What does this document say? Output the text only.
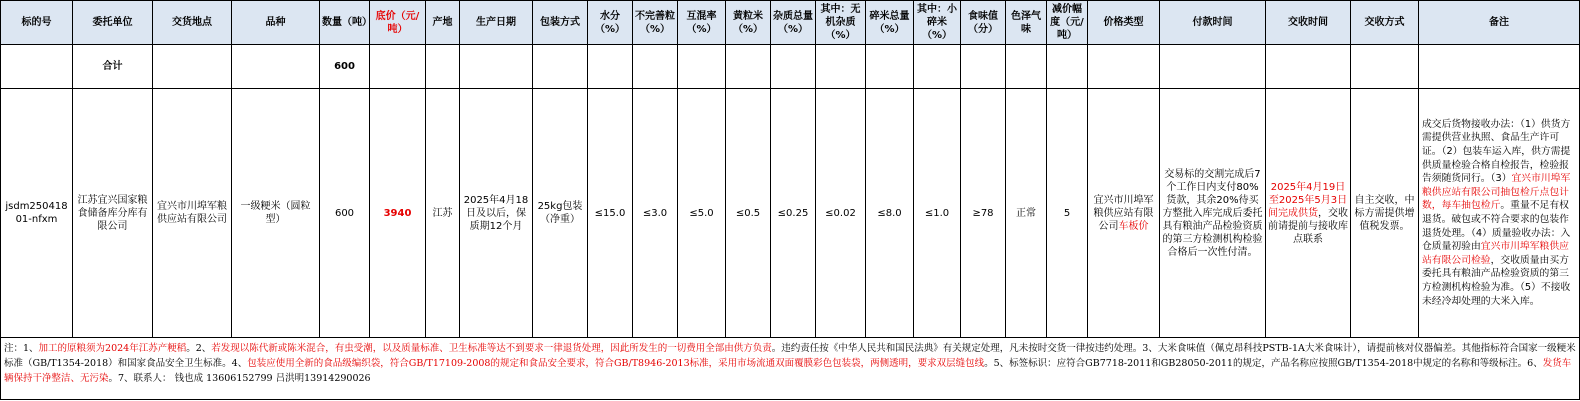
标的号	委托单位	交货地点	品种	数量（吨）	底价（元/吨）	产地	生产日期	包装方式	水分（%）	不完善粒（%）	互混率（%）	黄粒米（%）	杂质总量（%）	其中：无机杂质（%）	碎米总量（%）	其中：小碎米（%）	食味值（分）	色泽气味	减价幅度（元/吨）	价格类型	付款时间	交收时间	交收方式	备注
	合计			600																				
jsdm25041801-nfxm	江苏宜兴国家粮食储备库分库有限公司	宜兴市川埠军粮供应站有限公司	一级粳米（圆粒型）	600	3940	江苏	2025年4月18日及以后，保质期12个月	25kg包装（净重）	≤15.0	≤3.0	≤5.0	≤0.5	≤0.25	≤0.02	≤8.0	≤1.0	≥78	正常	5	宜兴市川埠军粮供应站有限公司车板价	交易标的交割完成后7个工作日内支付80%货款，其余20%待买方整批入库完成后委托具有粮油产品检验资质的第三方检测机构检验合格后一次性付清。	2025年4月19日至2025年5月3日间完成供货，交收前请提前与接收库点联系	自主交收，中标方需提供增值税发票。	成交后货物接收办法：（1）供货方需提供营业执照、食品生产许可证。（2）包装车运入库，供方需提供质量检验合格自检报告，检验报告须随货同行。（3）宜兴市川埠军粮供应站有限公司抽包检斤点包计数，每车抽包检斤。重量不足有权退货。破包或不符合要求的包装作退货处理。（4）质量验收办法：入仓质量初验由宜兴市川埠军粮供应站有限公司检验，交收质量由买方委托具有粮油产品检验资质的第三方检测机构检验为准。（5）不接收未经冷却处理的大米入库。
注：1、加工的原粮须为2024年江苏产粳稻。2、若发现以陈代新或陈米混合，有虫受潮，以及质量标准、卫生标准等达不到要求一律退货处理，因此所发生的一切费用全部由供方负责。违约责任按《中华人民共和国民法典》有关规定处理，凡未按时交货一律按违约处理。3、大米食味值（佩克昂科技PSTB-1A大米食味计），请提前核对仪器偏差。其他指标符合国家一级粳米标准（GB/T1354-2018）和国家食品安全卫生标准。4、包装应使用全新的食品级编织袋，符合GB/T17109-2008的规定和食品安全要求，符合GB/T8946-2013标准，采用市场流通双面覆膜彩色包装袋，两侧透明，要求双层缝包线。5、标签标识：应符合GB7718-2011和GB28050-2011的规定，产品名称应按照GB/T1354-2018中规定的名称和等级标注。6、发货车辆保持干净整洁、无污染。7、联系人： 钱也成 13606152799 吕洪明13914290026																								
